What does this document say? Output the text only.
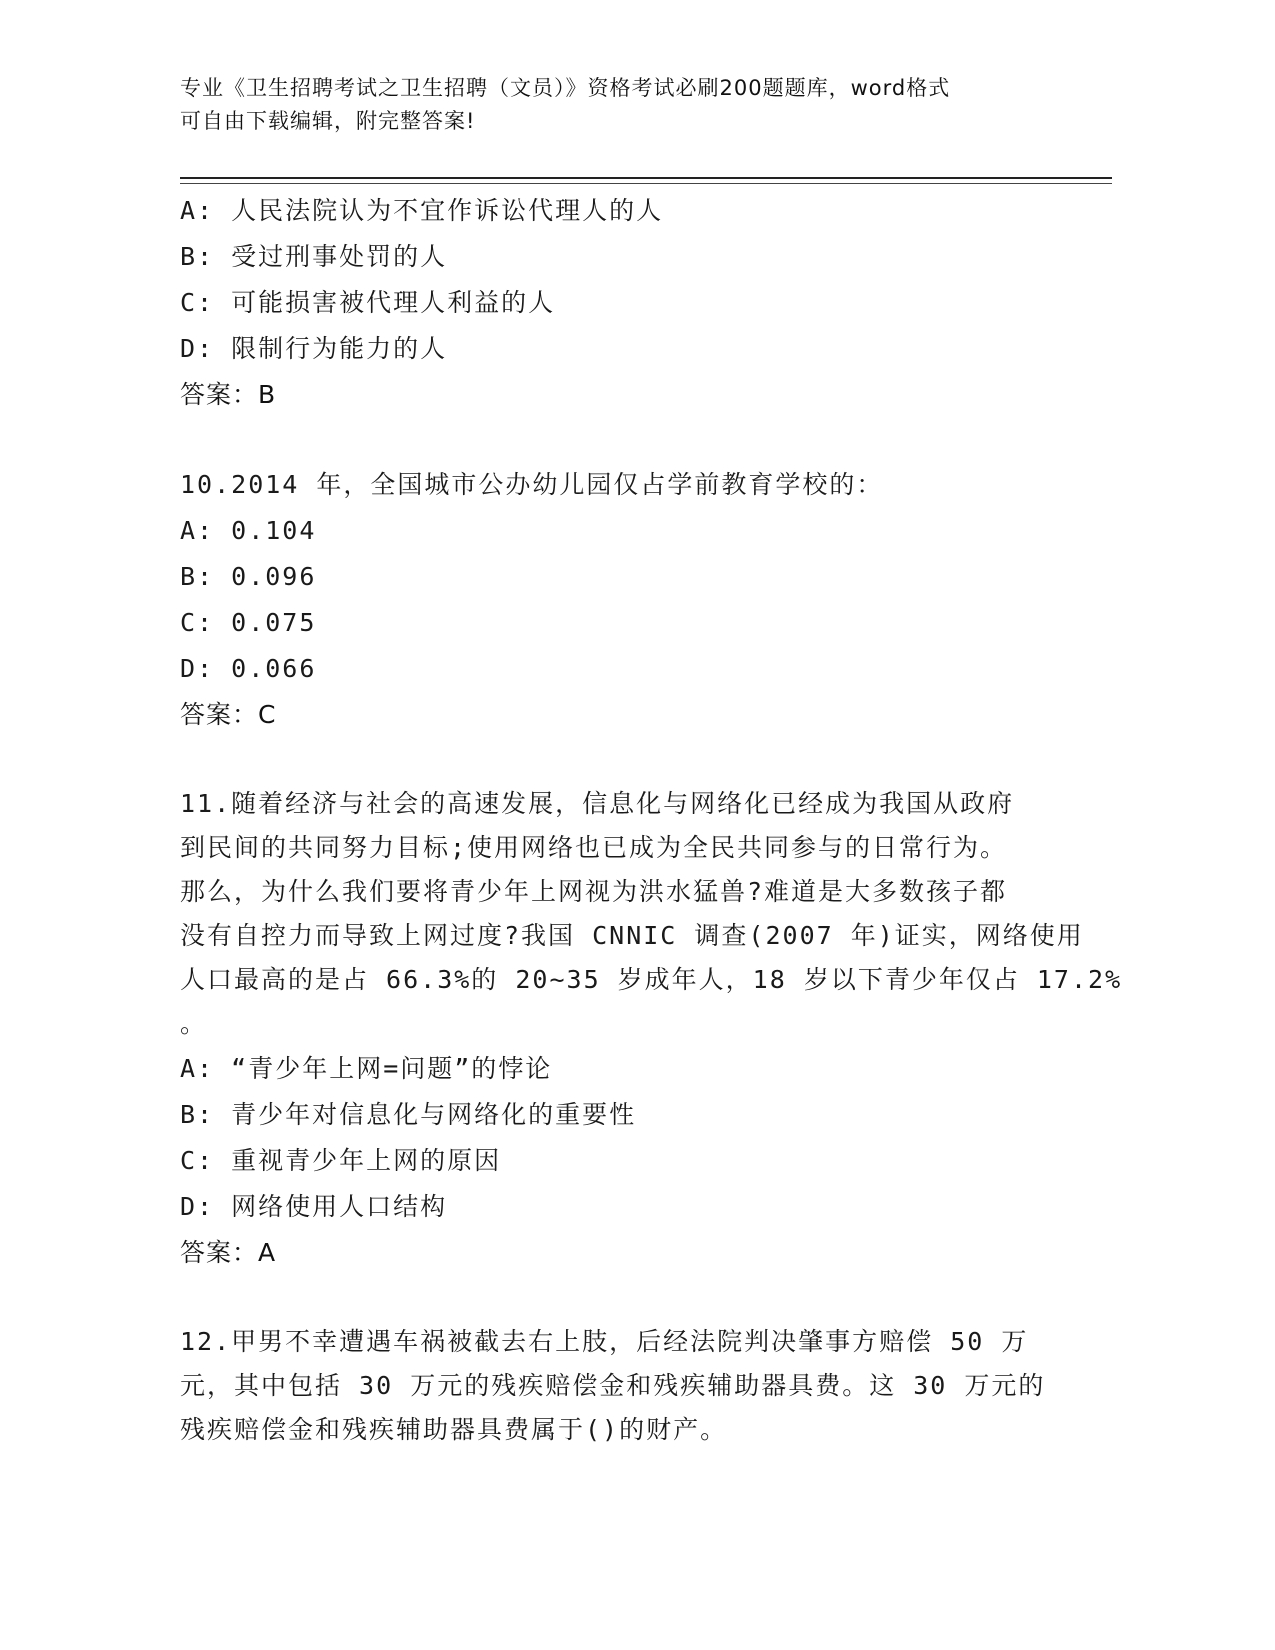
专业《卫生招聘考试之卫生招聘（文员）》资格考试必刷200题题库，word格式
可自由下载编辑，附完整答案!
A: 人民法院认为不宜作诉讼代理人的人
B: 受过刑事处罚的人
C: 可能损害被代理人利益的人
D: 限制行为能力的人
答案：B
10.2014 年，全国城市公办幼儿园仅占学前教育学校的：
A: 0.104
B: 0.096
C: 0.075
D: 0.066
答案：C
11.随着经济与社会的高速发展，信息化与网络化已经成为我国从政府
到民间的共同努力目标;使用网络也已成为全民共同参与的日常行为。
那么，为什么我们要将青少年上网视为洪水猛兽?难道是大多数孩子都
没有自控力而导致上网过度?我国 CNNIC 调查(2007 年)证实，网络使用
人口最高的是占 66.3%的 20~35 岁成年人，18 岁以下青少年仅占 17.2%
。
A: “青少年上网=问题”的悖论
B: 青少年对信息化与网络化的重要性
C: 重视青少年上网的原因
D: 网络使用人口结构
答案：A
12.甲男不幸遭遇车祸被截去右上肢，后经法院判决肇事方赔偿 50 万
元，其中包括 30 万元的残疾赔偿金和残疾辅助器具费。这 30 万元的
残疾赔偿金和残疾辅助器具费属于()的财产。
